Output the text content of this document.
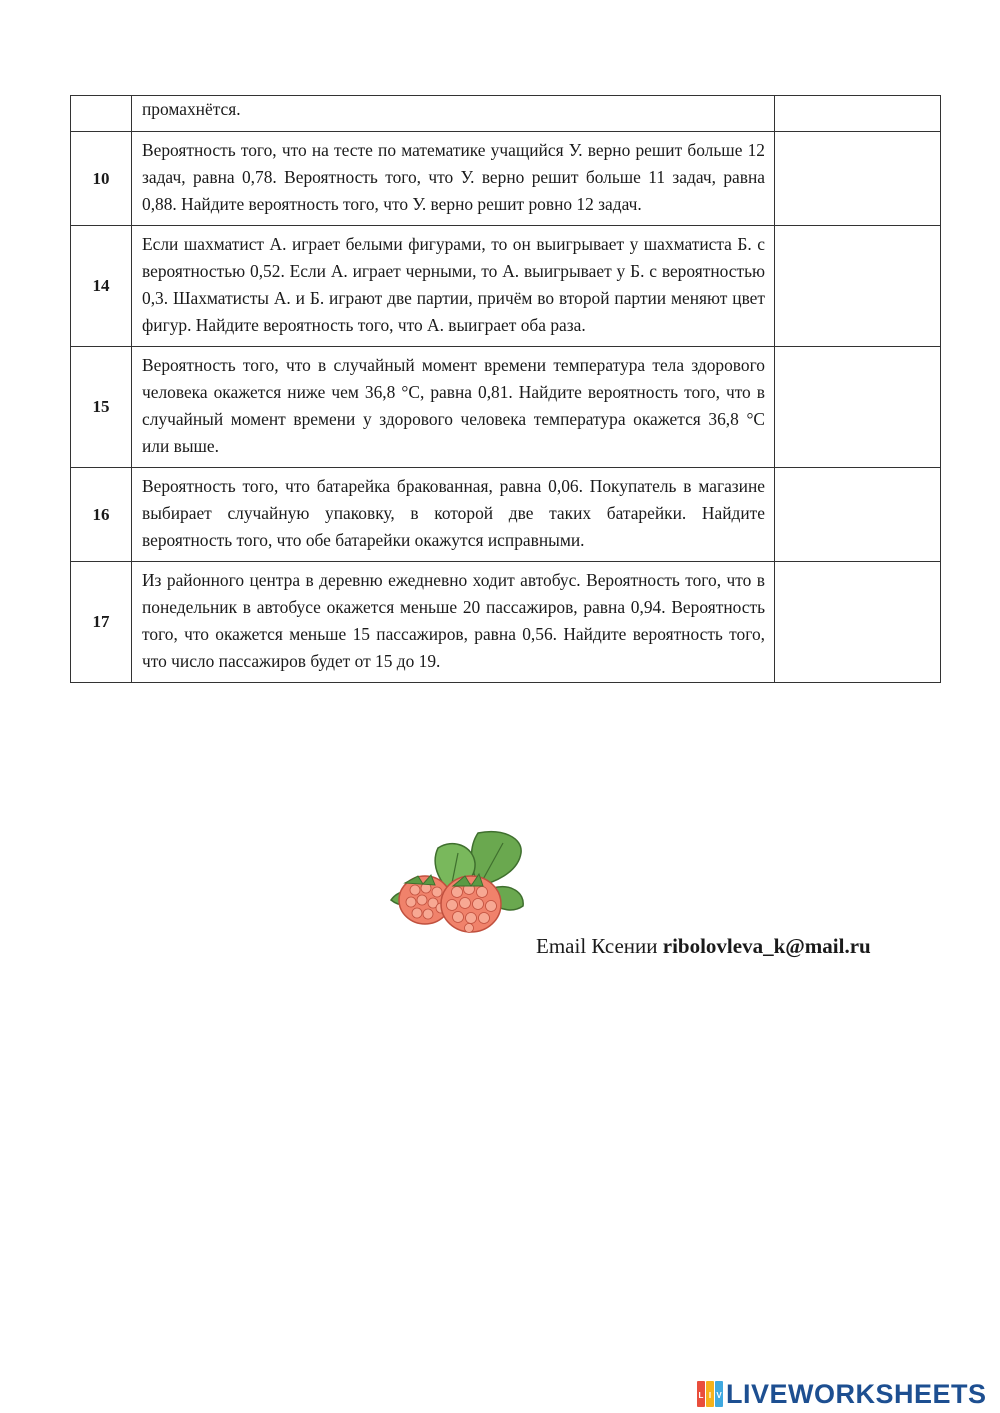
	промахнётся.	
10	Вероятность того, что на тесте по математике учащийся У. верно решит больше 12 задач, равна 0,78. Вероятность того, что У. верно решит больше 11 задач, равна 0,88. Найдите вероятность того, что У. верно решит ровно 12 задач.	
14	Если шахматист А. играет белыми фигурами, то он выигрывает у шахматиста Б. с вероятностью 0,52. Если А. играет черными, то А. выигрывает у Б. с вероятностью 0,3. Шахматисты А. и Б. играют две партии, причём во второй партии меняют цвет фигур. Найдите вероятность того, что А. выиграет оба раза.	
15	Вероятность того, что в случайный момент времени температура тела здорового человека окажется ниже чем 36,8 °C, равна 0,81. Найдите вероятность того, что в случайный момент времени у здорового человека температура окажется 36,8 °C или выше.	
16	Вероятность того, что батарейка бракованная, равна 0,06. Покупатель в магазине выбирает случайную упаковку, в которой две таких батарейки. Найдите вероятность того, что обе батарейки окажутся исправными.	
17	Из районного центра в деревню ежедневно ходит автобус. Вероятность того, что в понедельник в автобусе окажется меньше 20 пассажиров, равна 0,94. Вероятность того, что окажется меньше 15 пассажиров, равна 0,56. Найдите вероятность того, что число пассажиров будет от 15 до 19.	
Email Ксении ribolovleva_k@mail.ru
L I V LIVEWORKSHEETS
